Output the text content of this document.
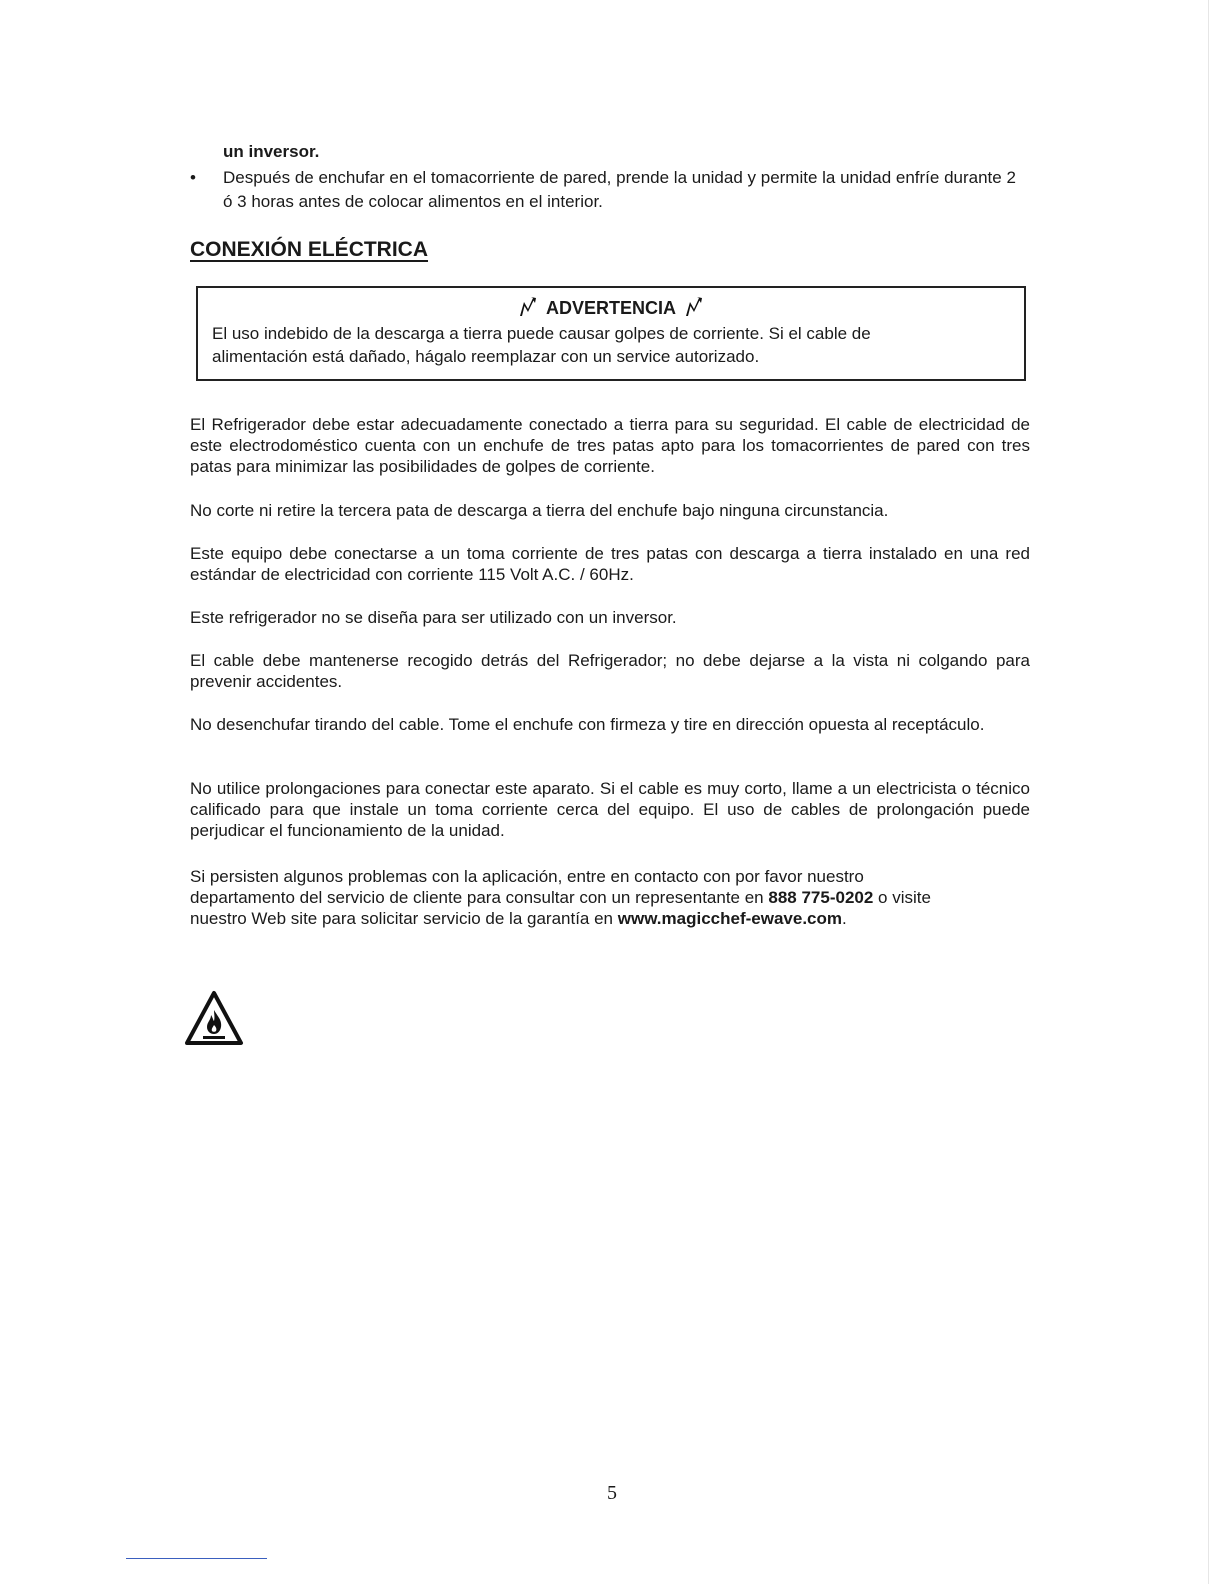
un inversor.
•	Después de enchufar en el tomacorriente de pared, prende la unidad y permite la unidad enfríe durante 2 ó 3 horas antes de colocar alimentos en el interior.
CONEXIÓN ELÉCTRICA
ADVERTENCIA
El uso indebido de la descarga a tierra puede causar golpes de corriente. Si el cable de alimentación está dañado, hágalo reemplazar con un service autorizado.
El Refrigerador debe estar adecuadamente conectado a tierra para su seguridad. El cable de electricidad de este electrodoméstico cuenta con un enchufe de tres patas apto para los tomacorrientes de pared con tres patas para minimizar las posibilidades de golpes de corriente.
No corte ni retire la tercera pata de descarga a tierra del enchufe bajo ninguna circunstancia.
Este equipo debe conectarse a un toma corriente de tres patas con descarga a tierra instalado en una red estándar de electricidad con corriente 115 Volt A.C. / 60Hz.
Este refrigerador no se diseña para ser utilizado con un inversor.
El cable debe mantenerse recogido detrás del Refrigerador; no debe dejarse a la vista ni colgando para prevenir accidentes.
No desenchufar tirando del cable. Tome el enchufe con firmeza y tire en dirección opuesta al receptáculo.
No utilice prolongaciones para conectar este aparato. Si el cable es muy corto, llame a un electricista o técnico calificado para que instale un toma corriente cerca del equipo. El uso de cables de prolongación puede perjudicar el funcionamiento de la unidad.
Si persisten algunos problemas con la aplicación, entre en contacto con por favor nuestro departamento del servicio de cliente para consultar con un representante en 888 775-0202 o visite nuestro Web site para solicitar servicio de la garantía en www.magicchef-ewave.com.
5
